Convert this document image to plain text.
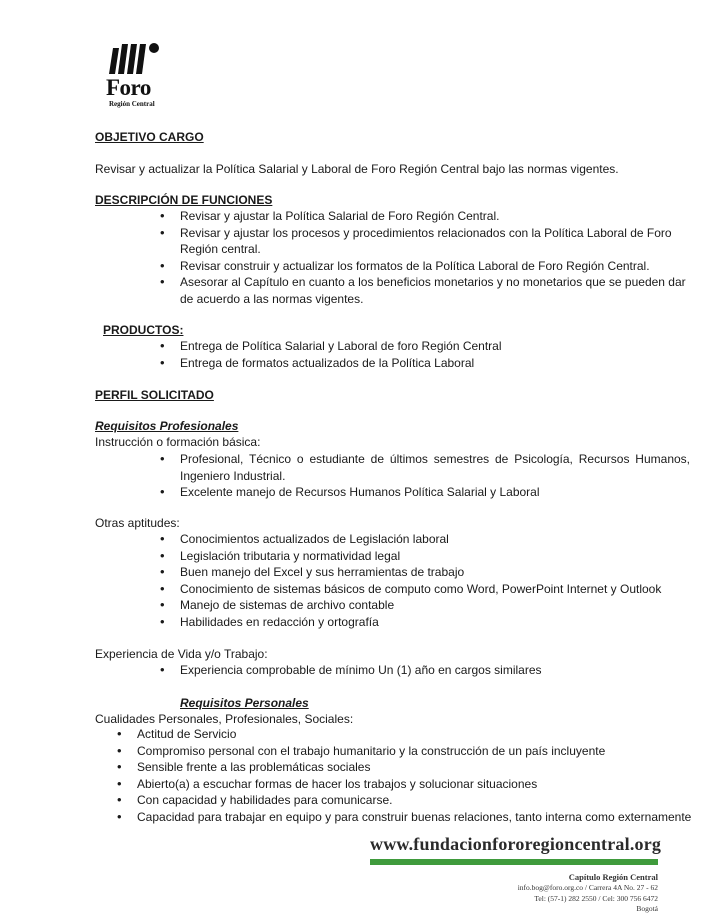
Foro
Región Central
OBJETIVO CARGO
Revisar y actualizar la Política Salarial y Laboral de Foro Región Central bajo las normas vigentes.
DESCRIPCIÓN DE FUNCIONES
• Revisar y ajustar la Política Salarial de Foro Región Central.
• Revisar y ajustar los procesos y procedimientos relacionados con la Política Laboral de Foro Región central.
• Revisar construir y actualizar los formatos de la Política Laboral de Foro Región Central.
• Asesorar al Capítulo en cuanto a los beneficios monetarios y no monetarios que se pueden dar de acuerdo a las normas vigentes.
PRODUCTOS:
• Entrega de Política Salarial y Laboral de foro Región Central
• Entrega de formatos actualizados de la Política Laboral
PERFIL SOLICITADO
Requisitos Profesionales
Instrucción o formación básica:
• Profesional, Técnico o estudiante de últimos semestres de Psicología, Recursos Humanos, Ingeniero Industrial.
• Excelente manejo de Recursos Humanos Política Salarial y Laboral
Otras aptitudes:
• Conocimientos actualizados de Legislación laboral
• Legislación tributaria y normatividad legal
• Buen manejo del Excel y sus herramientas de trabajo
• Conocimiento de sistemas básicos de computo como Word, PowerPoint Internet y Outlook
• Manejo de sistemas de archivo contable
• Habilidades en redacción y ortografía
Experiencia de Vida y/o Trabajo:
• Experiencia comprobable de mínimo Un (1) año en cargos similares
Requisitos Personales
Cualidades Personales, Profesionales, Sociales:
• Actitud de Servicio
• Compromiso personal con el trabajo humanitario y la construcción de un país incluyente
• Sensible frente a las problemáticas sociales
• Abierto(a) a escuchar formas de hacer los trabajos y solucionar situaciones
• Con capacidad y habilidades para comunicarse.
• Capacidad para trabajar en equipo y para construir buenas relaciones, tanto interna como externamente
www.fundacionfororegioncentral.org
Capítulo Región Central
info.bog@foro.org.co / Carrera 4A No. 27 - 62
Tel: (57-1) 282 2550 / Cel: 300 756 6472
Bogotá
